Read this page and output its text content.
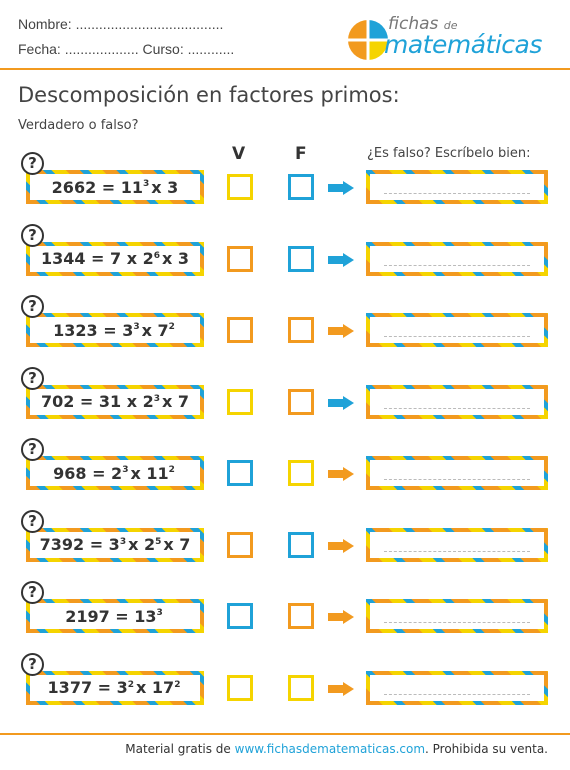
Nombre: ......................................
Fecha: ................... Curso: ............
fichas de
matemáticas
Descomposición en factores primos:
Verdadero o falso?
V	F	¿Es falso? Escríbelo bien:
?
$2662 = 11^3$ x 3
?
1344 = 7 x $2^6$ x 3
?
$1323 = 3^3$ x $7^2$
?
702 = 31 x $2^3$ x 7
?
$968 = 2^3$ x $11^2$
?
$7392 = 3^3$ x $2^5$ x 7
?
$2197 = 13^3$
?
$1377 = 3^2$ x $17^2$
Material gratis de www.fichasdematematicas.com. Prohibida su venta.
